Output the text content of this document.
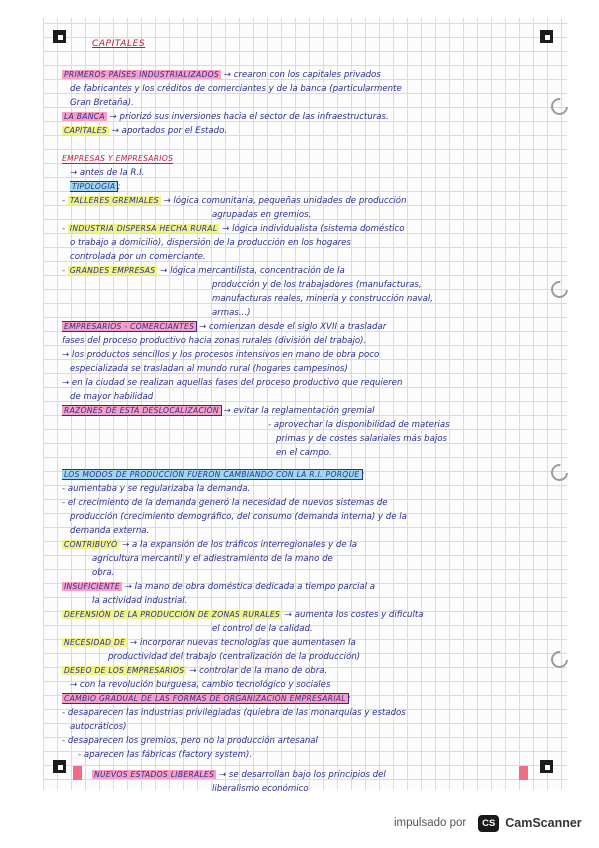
CAPITALES
PRIMEROS PAÍSES INDUSTRIALIZADOS → crearon con los capitales privados
de fabricantes y los créditos de comerciantes y de la banca (particularmente
Gran Bretaña).
LA BANCA → priorizó sus inversiones hacia el sector de las infraestructuras.
CAPITALES → aportados por el Estado.
EMPRESAS Y EMPRESARIOS
→ antes de la R.I.
TIPOLOGÍA :
- TALLERES GREMIALES → lógica comunitaria, pequeñas unidades de producción
agrupadas en gremios.
- INDUSTRIA DISPERSA HECHA RURAL → lógica individualista (sistema doméstico
o trabajo a domicilio), dispersión de la producción en los hogares
controlada por un comerciante.
- GRANDES EMPRESAS → lógica mercantilista, concentración de la
producción y de los trabajadores (manufacturas,
manufacturas reales, minería y construcción naval,
armas...)
EMPRESARIOS - COMERCIANTES → comienzan desde el siglo XVII a trasladar
fases del proceso productivo hacia zonas rurales (división del trabajo).
→ los productos sencillos y los procesos intensivos en mano de obra poco
especializada se trasladan al mundo rural (hogares campesinos)
→ en la ciudad se realizan aquellas fases del proceso productivo que requieren
de mayor habilidad
RAZONES DE ESTA DESLOCALIZACIÓN → evitar la reglamentación gremial
- aprovechar la disponibilidad de materias
primas y de costes salariales más bajos
en el campo.
LOS MODOS DE PRODUCCIÓN FUERON CAMBIANDO CON LA R.I. PORQUE :
- aumentaba y se regularizaba la demanda.
- el crecimiento de la demanda generó la necesidad de nuevos sistemas de
producción (crecimiento demográfico, del consumo (demanda interna) y de la
demanda externa.
CONTRIBUYÓ → a la expansión de los tráficos interregionales y de la
agricultura mercantil y el adiestramiento de la mano de
obra.
INSUFICIENTE → la mano de obra doméstica dedicada a tiempo parcial a
la actividad industrial.
DEFENSIÓN DE LA PRODUCCIÓN DE ZONAS RURALES → aumenta los costes y dificulta
el control de la calidad.
NECESIDAD DE → incorporar nuevas tecnologías que aumentasen la
productividad del trabajo (centralización de la producción)
DESEO DE LOS EMPRESARIOS → controlar de la mano de obra.
→ con la revolución burguesa, cambio tecnológico y sociales
CAMBIO GRADUAL DE LAS FORMAS DE ORGANIZACIÓN EMPRESARIAL :
- desaparecen las industrias privilegiadas (quiebra de las monarquías y estados
autocráticos)
- desaparecen los gremios, pero no la producción artesanal
- aparecen las fábricas (factory system).
NUEVOS ESTADOS LIBERALES → se desarrollan bajo los principios del
liberalismo económico
impulsado por	CS CamScanner
